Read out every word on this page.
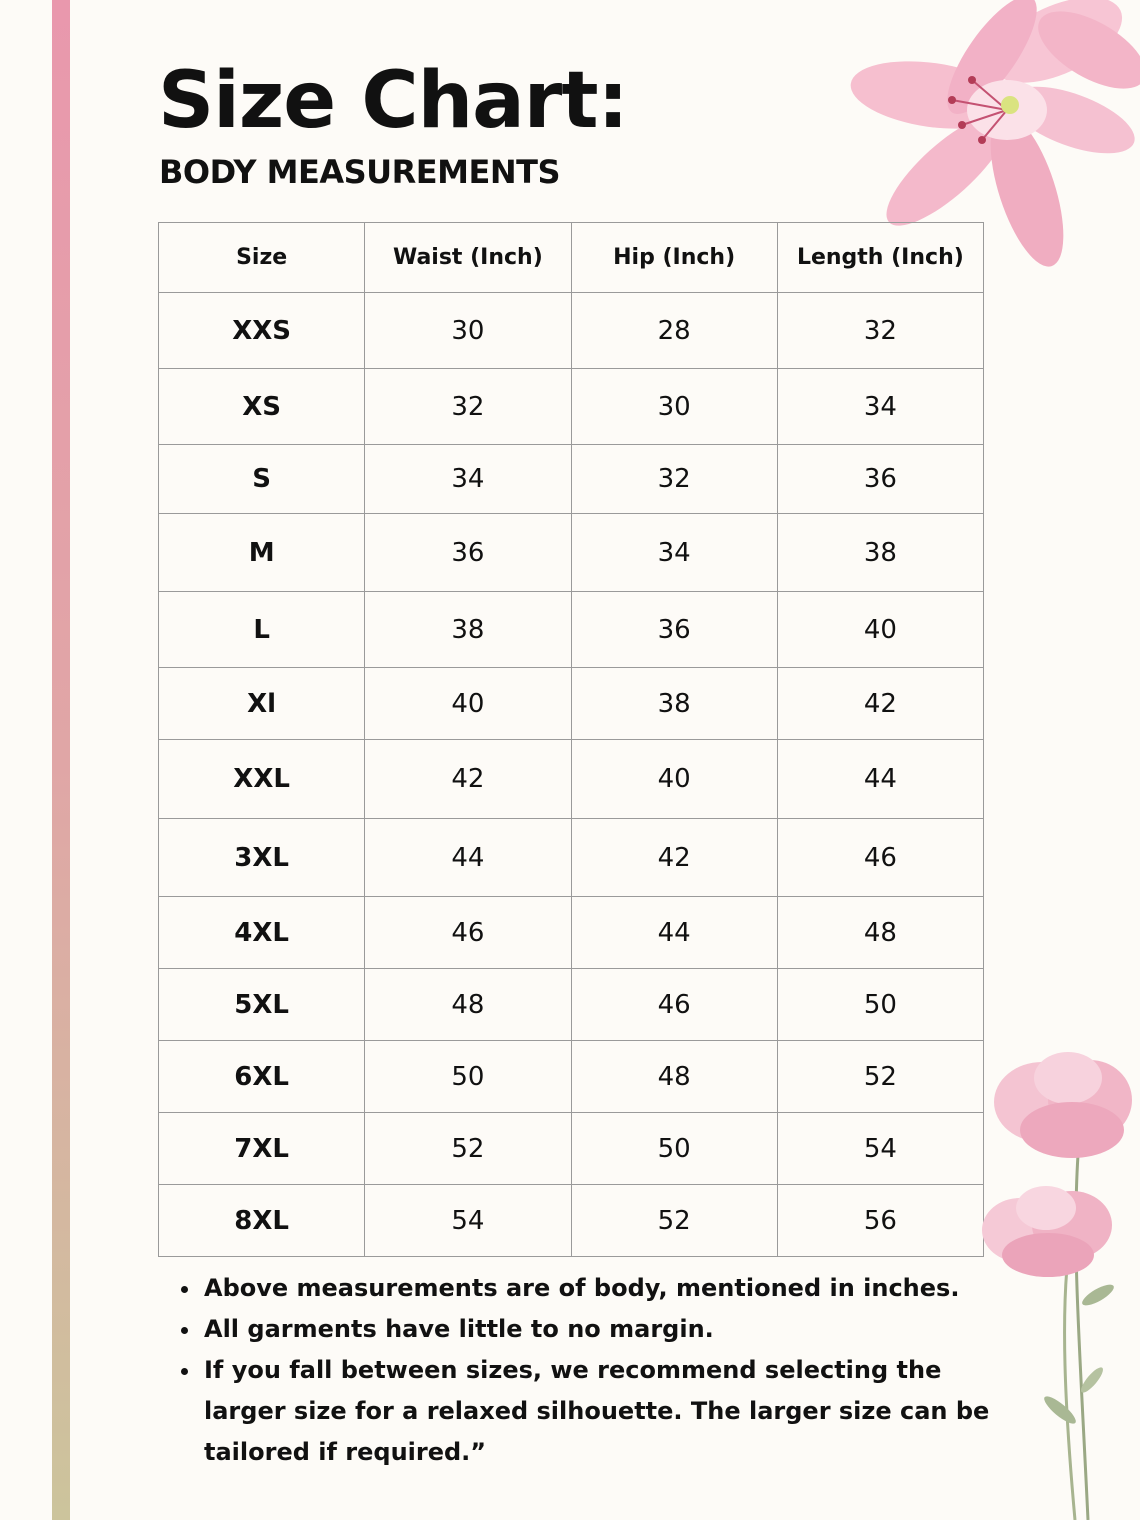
Size Chart:
BODY MEASUREMENTS
Size	Waist (Inch)	Hip (Inch)	Length (Inch)
XXS	30	28	32
XS	32	30	34
S	34	32	36
M	36	34	38
L	38	36	40
Xl	40	38	42
XXL	42	40	44
3XL	44	42	46
4XL	46	44	48
5XL	48	46	50
6XL	50	48	52
7XL	52	50	54
8XL	54	52	56
• Above measurements are of body, mentioned in inches.
• All garments have little to no margin.
• If you fall between sizes, we recommend selecting the larger size for a relaxed silhouette. The larger size can be tailored if required.”
